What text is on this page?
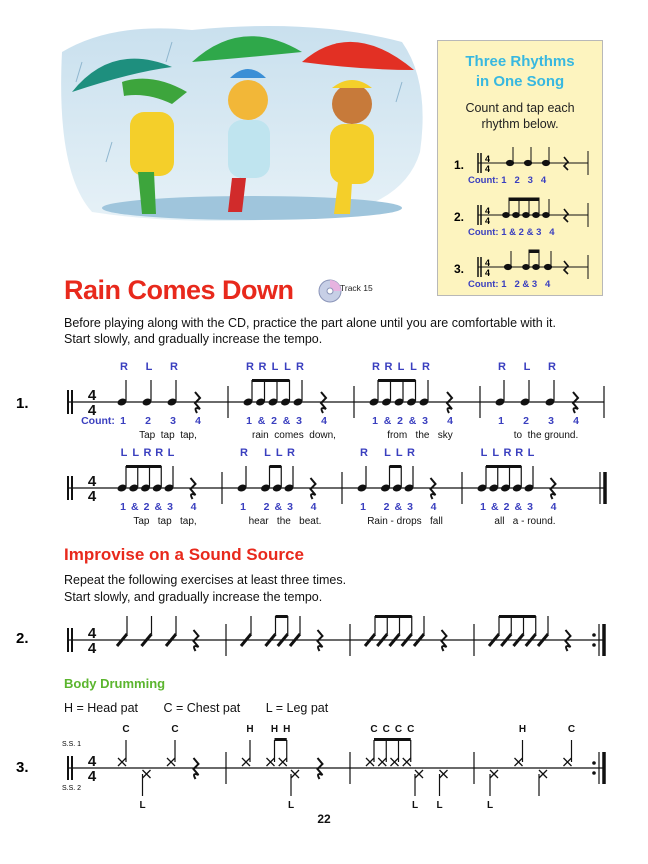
Three Rhythms
in One Song
Count and tap each
rhythm below.
1. 4
4
Count: 1   2   3   4
2. 4
4
Count: 1 & 2 & 3   4
3. 4
4
Count: 1   2 & 3   4
Rain Comes Down	Track 15
Before playing along with the CD, practice the part alone until you are comfortable with it.
Start slowly, and gradually increase the tempo.
1.	4
4
R L R
1 2 3 4
Tap  tap  tap,
R R L L R
1 & 2 & 3 4
rain  comes  down,
R R L L R
1 & 2 & 3 4
from   the   sky
R L R
1 2 3 4
to  the ground.
Count:
4
4
L L R R L
1 & 2 & 3 4
Tap   tap   tap,
R L L R
1 2 & 3 4
hear   the   beat.
R L L R
1 2 & 3 4
Rain - drops   fall
L L R R L
1 & 2 & 3 4
all   a - round.
Improvise on a Sound Source
Repeat the following exercises at least three times.
Start slowly, and gradually increase the tempo.
2.	4
4
Body Drumming
H = Head pat C = Chest pat L = Leg pat
S.S. 1
S.S. 2
3.	4
4
C
L
C	H H H
L
C C C C
L L	L
H	C
22
